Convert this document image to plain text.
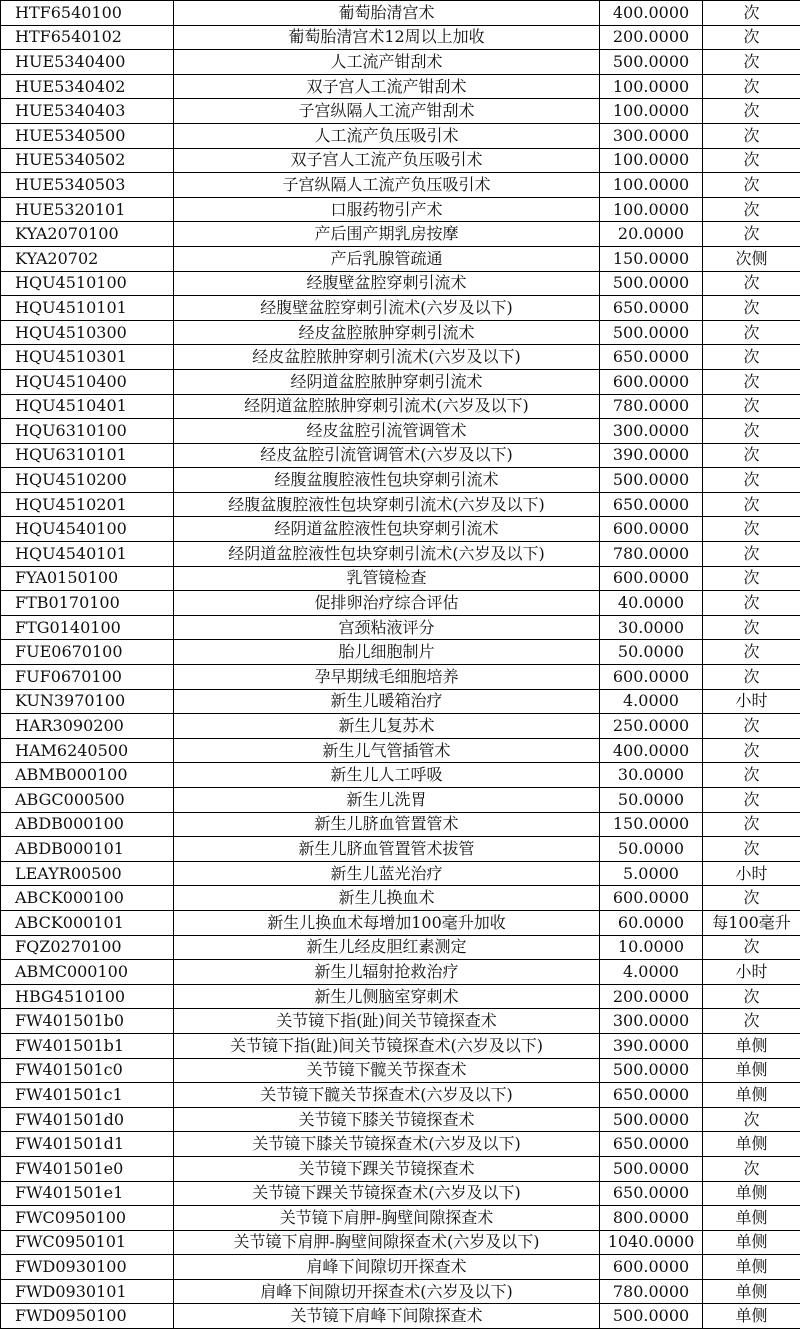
HTF6540100	葡萄胎清宫术	400.0000	次
HTF6540102	葡萄胎清宫术12周以上加收	200.0000	次
HUE5340400	人工流产钳刮术	500.0000	次
HUE5340402	双子宫人工流产钳刮术	100.0000	次
HUE5340403	子宫纵隔人工流产钳刮术	100.0000	次
HUE5340500	人工流产负压吸引术	300.0000	次
HUE5340502	双子宫人工流产负压吸引术	100.0000	次
HUE5340503	子宫纵隔人工流产负压吸引术	100.0000	次
HUE5320101	口服药物引产术	100.0000	次
KYA2070100	产后围产期乳房按摩	20.0000	次
KYA20702	产后乳腺管疏通	150.0000	次侧
HQU4510100	经腹壁盆腔穿刺引流术	500.0000	次
HQU4510101	经腹壁盆腔穿刺引流术(六岁及以下)	650.0000	次
HQU4510300	经皮盆腔脓肿穿刺引流术	500.0000	次
HQU4510301	经皮盆腔脓肿穿刺引流术(六岁及以下)	650.0000	次
HQU4510400	经阴道盆腔脓肿穿刺引流术	600.0000	次
HQU4510401	经阴道盆腔脓肿穿刺引流术(六岁及以下)	780.0000	次
HQU6310100	经皮盆腔引流管调管术	300.0000	次
HQU6310101	经皮盆腔引流管调管术(六岁及以下)	390.0000	次
HQU4510200	经腹盆腹腔液性包块穿刺引流术	500.0000	次
HQU4510201	经腹盆腹腔液性包块穿刺引流术(六岁及以下)	650.0000	次
HQU4540100	经阴道盆腔液性包块穿刺引流术	600.0000	次
HQU4540101	经阴道盆腔液性包块穿刺引流术(六岁及以下)	780.0000	次
FYA0150100	乳管镜检查	600.0000	次
FTB0170100	促排卵治疗综合评估	40.0000	次
FTG0140100	宫颈粘液评分	30.0000	次
FUE0670100	胎儿细胞制片	50.0000	次
FUF0670100	孕早期绒毛细胞培养	600.0000	次
KUN3970100	新生儿暖箱治疗	4.0000	小时
HAR3090200	新生儿复苏术	250.0000	次
HAM6240500	新生儿气管插管术	400.0000	次
ABMB000100	新生儿人工呼吸	30.0000	次
ABGC000500	新生儿洗胃	50.0000	次
ABDB000100	新生儿脐血管置管术	150.0000	次
ABDB000101	新生儿脐血管置管术拔管	50.0000	次
LEAYR00500	新生儿蓝光治疗	5.0000	小时
ABCK000100	新生儿换血术	600.0000	次
ABCK000101	新生儿换血术每增加100毫升加收	60.0000	每100毫升
FQZ0270100	新生儿经皮胆红素测定	10.0000	次
ABMC000100	新生儿辐射抢救治疗	4.0000	小时
HBG4510100	新生儿侧脑室穿刺术	200.0000	次
FW401501b0	关节镜下指(趾)间关节镜探查术	300.0000	次
FW401501b1	关节镜下指(趾)间关节镜探查术(六岁及以下)	390.0000	单侧
FW401501c0	关节镜下髋关节探查术	500.0000	单侧
FW401501c1	关节镜下髋关节探查术(六岁及以下)	650.0000	单侧
FW401501d0	关节镜下膝关节镜探查术	500.0000	次
FW401501d1	关节镜下膝关节镜探查术(六岁及以下)	650.0000	单侧
FW401501e0	关节镜下踝关节镜探查术	500.0000	次
FW401501e1	关节镜下踝关节镜探查术(六岁及以下)	650.0000	单侧
FWC0950100	关节镜下肩胛-胸壁间隙探查术	800.0000	单侧
FWC0950101	关节镜下肩胛-胸壁间隙探查术(六岁及以下)	1040.0000	单侧
FWD0930100	肩峰下间隙切开探查术	600.0000	单侧
FWD0930101	肩峰下间隙切开探查术(六岁及以下)	780.0000	单侧
FWD0950100	关节镜下肩峰下间隙探查术	500.0000	单侧
